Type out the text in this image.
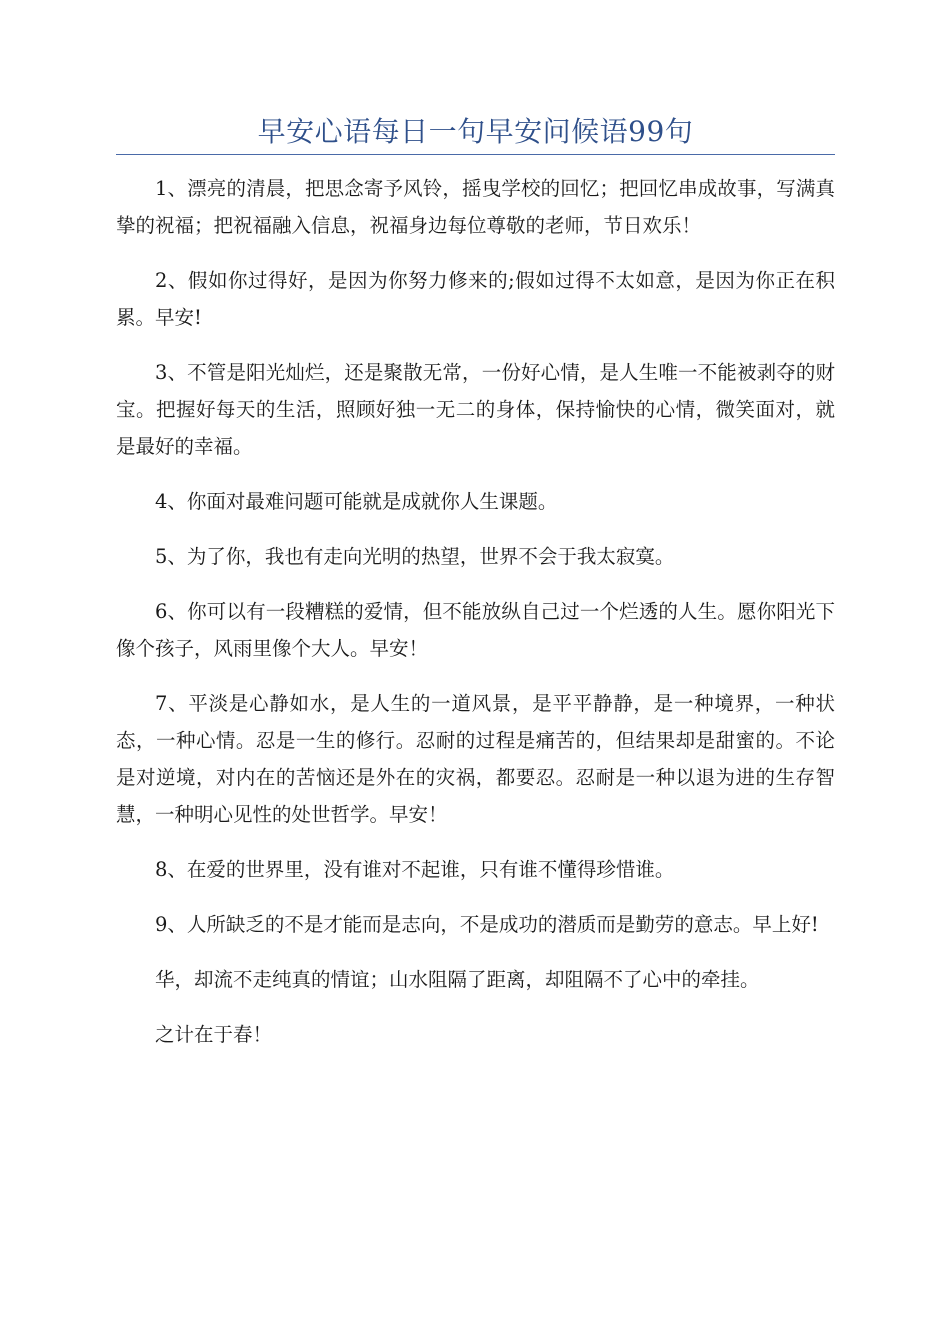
早安心语每日一句早安问候语99句

1、漂亮的清晨，把思念寄予风铃，摇曳学校的回忆；把回忆串成故事，写满真挚的祝福；把祝福融入信息，祝福身边每位尊敬的老师，节日欢乐！

2、假如你过得好，是因为你努力修来的;假如过得不太如意，是因为你正在积累。早安!

3、不管是阳光灿烂，还是聚散无常，一份好心情，是人生唯一不能被剥夺的财宝。把握好每天的生活，照顾好独一无二的身体，保持愉快的心情，微笑面对，就是最好的幸福。

4、你面对最难问题可能就是成就你人生课题。

5、为了你，我也有走向光明的热望，世界不会于我太寂寞。

6、你可以有一段糟糕的爱情，但不能放纵自己过一个烂透的人生。愿你阳光下像个孩子，风雨里像个大人。早安！

7、平淡是心静如水，是人生的一道风景，是平平静静，是一种境界，一种状态，一种心情。忍是一生的修行。忍耐的过程是痛苦的，但结果却是甜蜜的。不论是对逆境，对内在的苦恼还是外在的灾祸，都要忍。忍耐是一种以退为进的生存智慧，一种明心见性的处世哲学。早安！

8、在爱的世界里，没有谁对不起谁，只有谁不懂得珍惜谁。

9、人所缺乏的不是才能而是志向，不是成功的潜质而是勤劳的意志。早上好!

华，却流不走纯真的情谊；山水阻隔了距离，却阻隔不了心中的牵挂。

之计在于春！
